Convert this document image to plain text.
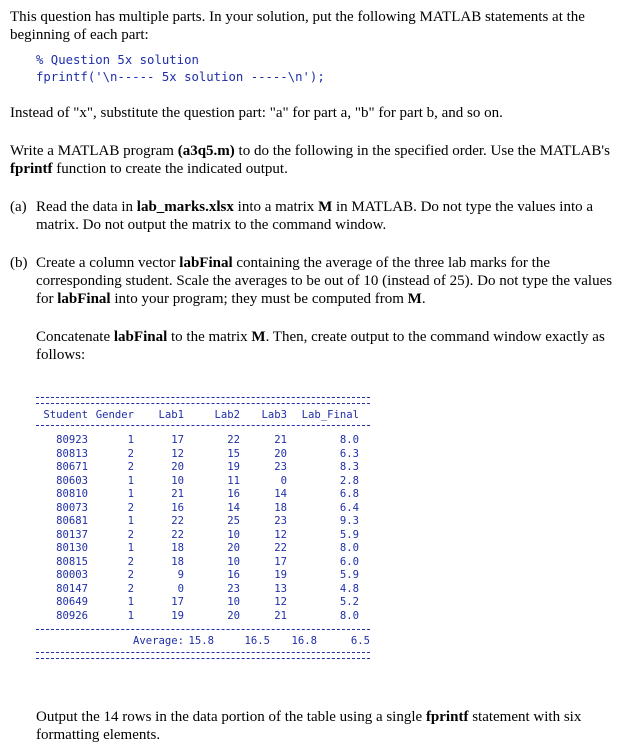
This question has multiple parts. In your solution, put the following MATLAB statements at the

beginning of each part:

% Question 5x solution
fprintf('\n----- 5x solution -----\n');

Instead of "x", substitute the question part: "a" for part a, "b" for part b, and so on.

Write a MATLAB program (a3q5.m) to do the following in the specified order. Use the MATLAB's

fprintf function to create the indicated output.

(a) Read the data in lab_marks.xlsx into a matrix M in MATLAB. Do not type the values into a

matrix. Do not output the matrix to the command window.

(b) Create a column vector labFinal containing the average of the three lab marks for the

corresponding student. Scale the averages to be out of 10 (instead of 25). Do not type the values

for labFinal into your program; they must be computed from M.

Concatenate labFinal to the matrix M. Then, create output to the command window exactly as

follows:

Student Gender	Lab1	Lab2	Lab3	Lab_Final
80923	1	17	22	21	8.0
80813	2	12	15	20	6.3
80671	2	20	19	23	8.3
80603	1	10	11	0	2.8
80810	1	21	16	14	6.8
80073	2	16	14	18	6.4
80681	1	22	25	23	9.3
80137	2	22	10	12	5.9
80130	1	18	20	22	8.0
80815	2	18	10	17	6.0
80003	2	9	16	19	5.9
80147	2	0	23	13	4.8
80649	1	17	10	12	5.2
80926	1	19	20	21	8.0
Average: 15.8	16.5	16.8	6.5

Output the 14 rows in the data portion of the table using a single fprintf statement with six

formatting elements.
